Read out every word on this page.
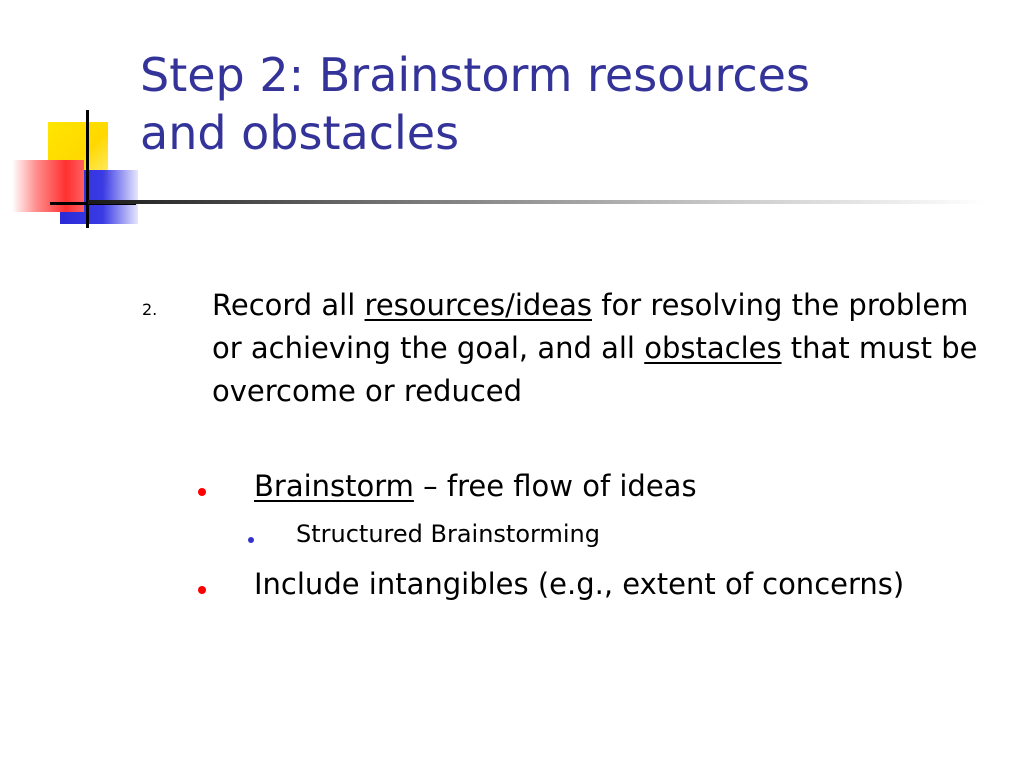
Step 2: Brainstorm resources
and obstacles
2. Record all resources/ideas for resolving the problem or achieving the goal, and all obstacles that must be overcome or reduced
Brainstorm – free flow of ideas
Structured Brainstorming
Include intangibles (e.g., extent of concerns)
